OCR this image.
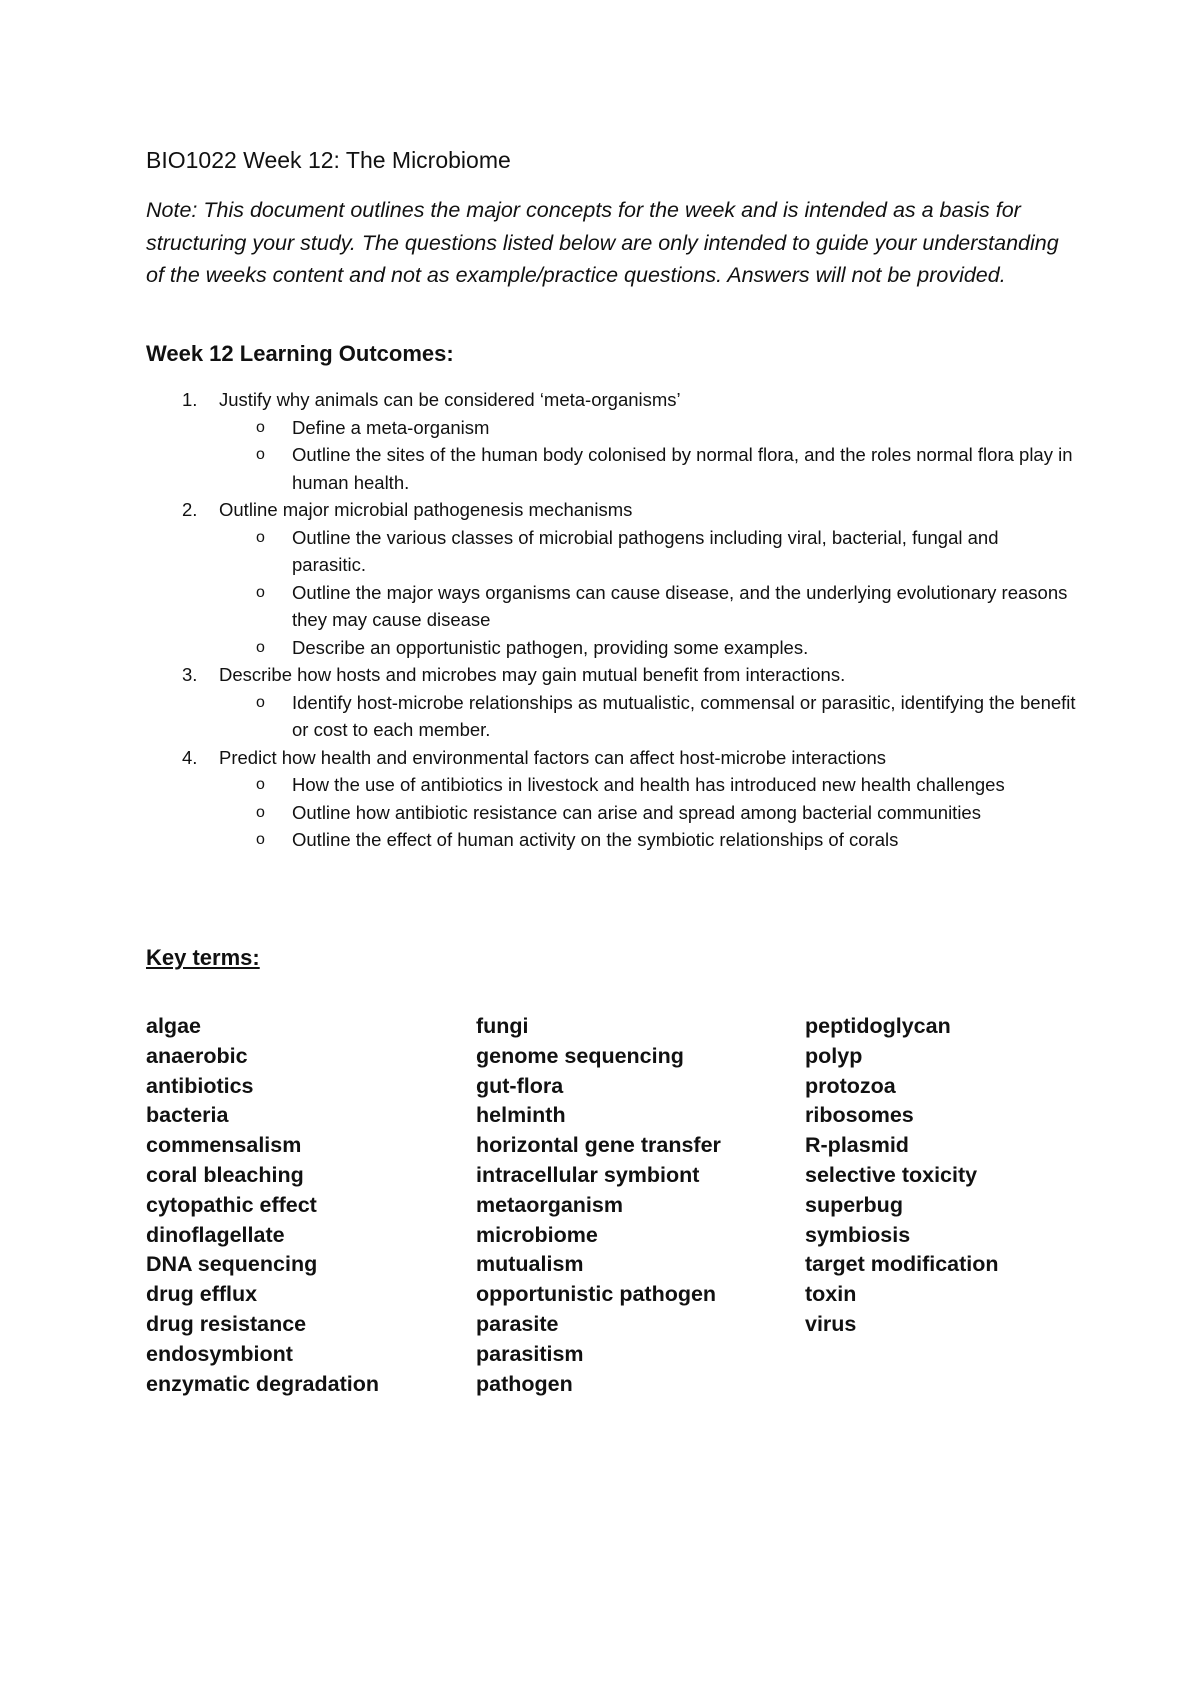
BIO1022 Week 12: The Microbiome

Note: This document outlines the major concepts for the week and is intended as a basis for structuring your study. The questions listed below are only intended to guide your understanding of the weeks content and not as example/practice questions. Answers will not be provided.

Week 12 Learning Outcomes:
1. Justify why animals can be considered ‘meta-organisms’
o Define a meta-organism
o Outline the sites of the human body colonised by normal flora, and the roles normal flora play in human health.
2. Outline major microbial pathogenesis mechanisms
o Outline the various classes of microbial pathogens including viral, bacterial, fungal and parasitic.
o Outline the major ways organisms can cause disease, and the underlying evolutionary reasons they may cause disease
o Describe an opportunistic pathogen, providing some examples.
3. Describe how hosts and microbes may gain mutual benefit from interactions.
o Identify host-microbe relationships as mutualistic, commensal or parasitic, identifying the benefit or cost to each member.
4. Predict how health and environmental factors can affect host-microbe interactions
o How the use of antibiotics in livestock and health has introduced new health challenges
o Outline how antibiotic resistance can arise and spread among bacterial communities
o Outline the effect of human activity on the symbiotic relationships of corals
Key terms:
algae
anaerobic
antibiotics
bacteria
commensalism
coral bleaching
cytopathic effect
dinoflagellate
DNA sequencing
drug efflux
drug resistance
endosymbiont
enzymatic degradation
fungi
genome sequencing
gut-flora
helminth
horizontal gene transfer
intracellular symbiont
metaorganism
microbiome
mutualism
opportunistic pathogen
parasite
parasitism
pathogen
peptidoglycan
polyp
protozoa
ribosomes
R-plasmid
selective toxicity
superbug
symbiosis
target modification
toxin
virus
